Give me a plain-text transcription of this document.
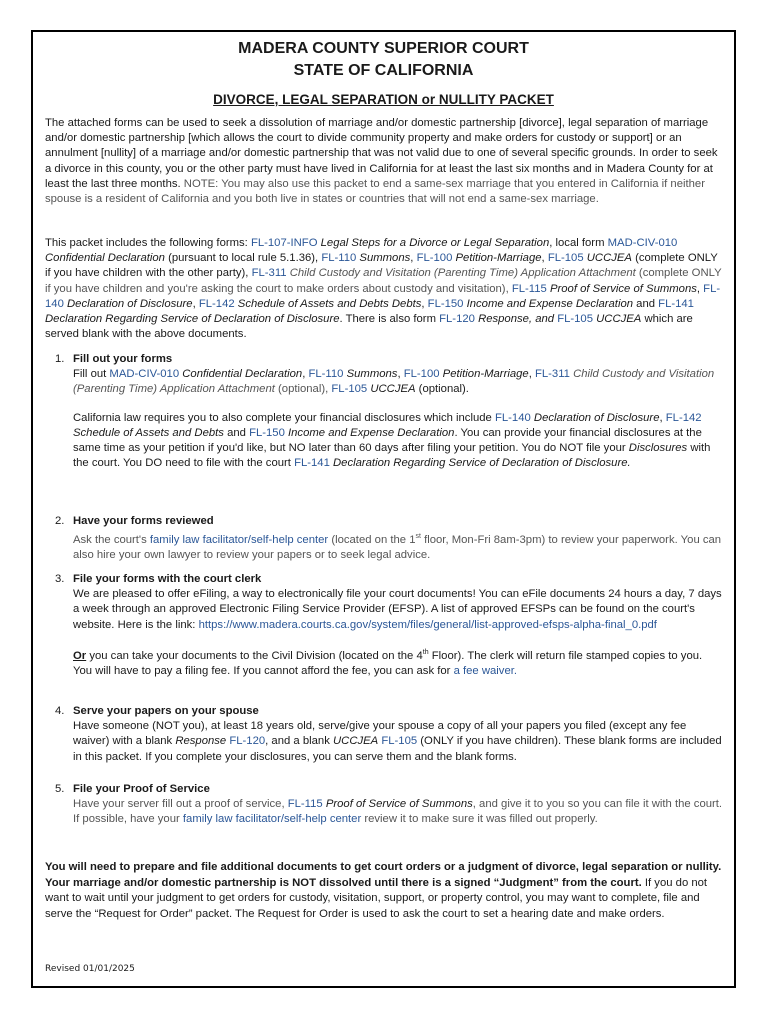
MADERA COUNTY SUPERIOR COURT
STATE OF CALIFORNIA
DIVORCE, LEGAL SEPARATION or NULLITY PACKET

The attached forms can be used to seek a dissolution of marriage and/or domestic partnership [divorce], legal separation of marriage and/or domestic partnership [which allows the court to divide community property and make orders for custody or support] or an annulment [nullity] of a marriage and/or domestic partnership that was not valid due to one of several specific grounds. In order to seek a divorce in this county, you or the other party must have lived in California for at least the last six months and in Madera County for at least the last three months. NOTE: You may also use this packet to end a same-sex marriage that you entered in California if neither spouse is a resident of California and you both live in states or countries that will not end a same-sex marriage.

This packet includes the following forms: FL-107-INFO Legal Steps for a Divorce or Legal Separation, local form MAD-CIV-010 Confidential Declaration (pursuant to local rule 5.1.36), FL-110 Summons, FL-100 Petition-Marriage, FL-105 UCCJEA (complete ONLY if you have children with the other party), FL-311 Child Custody and Visitation (Parenting Time) Application Attachment (complete ONLY if you have children and you're asking the court to make orders about custody and visitation), FL-115 Proof of Service of Summons, FL-140 Declaration of Disclosure, FL-142 Schedule of Assets and Debts Debts, FL-150 Income and Expense Declaration and FL-141 Declaration Regarding Service of Declaration of Disclosure. There is also form FL-120 Response, and FL-105 UCCJEA which are served blank with the above documents.

1. Fill out your forms
Fill out MAD-CIV-010 Confidential Declaration, FL-110 Summons, FL-100 Petition-Marriage, FL-311 Child Custody and Visitation (Parenting Time) Application Attachment (optional), FL-105 UCCJEA (optional).
California law requires you to also complete your financial disclosures which include FL-140 Declaration of Disclosure, FL-142 Schedule of Assets and Debts and FL-150 Income and Expense Declaration. You can provide your financial disclosures at the same time as your petition if you'd like, but NO later than 60 days after filing your petition. You do NOT file your Disclosures with the court. You DO need to file with the court FL-141 Declaration Regarding Service of Declaration of Disclosure.
2. Have your forms reviewed
Ask the court's family law facilitator/self-help center (located on the 1st floor, Mon-Fri 8am-3pm) to review your paperwork. You can also hire your own lawyer to review your papers or to seek legal advice.
3. File your forms with the court clerk
We are pleased to offer eFiling, a way to electronically file your court documents! You can eFile documents 24 hours a day, 7 days a week through an approved Electronic Filing Service Provider (EFSP). A list of approved EFSPs can be found on the court's website. Here is the link: https://www.madera.courts.ca.gov/system/files/general/list-approved-efsps-alpha-final_0.pdf
Or you can take your documents to the Civil Division (located on the 4th Floor). The clerk will return file stamped copies to you. You will have to pay a filing fee. If you cannot afford the fee, you can ask for a fee waiver.
4. Serve your papers on your spouse
Have someone (NOT you), at least 18 years old, serve/give your spouse a copy of all your papers you filed (except any fee waiver) with a blank Response FL-120, and a blank UCCJEA FL-105 (ONLY if you have children). These blank forms are included in this packet. If you complete your disclosures, you can serve them and the blank forms.
5. File your Proof of Service
Have your server fill out a proof of service, FL-115 Proof of Service of Summons, and give it to you so you can file it with the court. If possible, have your family law facilitator/self-help center review it to make sure it was filled out properly.
You will need to prepare and file additional documents to get court orders or a judgment of divorce, legal separation or nullity. Your marriage and/or domestic partnership is NOT dissolved until there is a signed “Judgment” from the court. If you do not want to wait until your judgment to get orders for custody, visitation, support, or property control, you may want to complete, file and serve the “Request for Order” packet. The Request for Order is used to ask the court to set a hearing date and make orders.
Revised 01/01/2025
